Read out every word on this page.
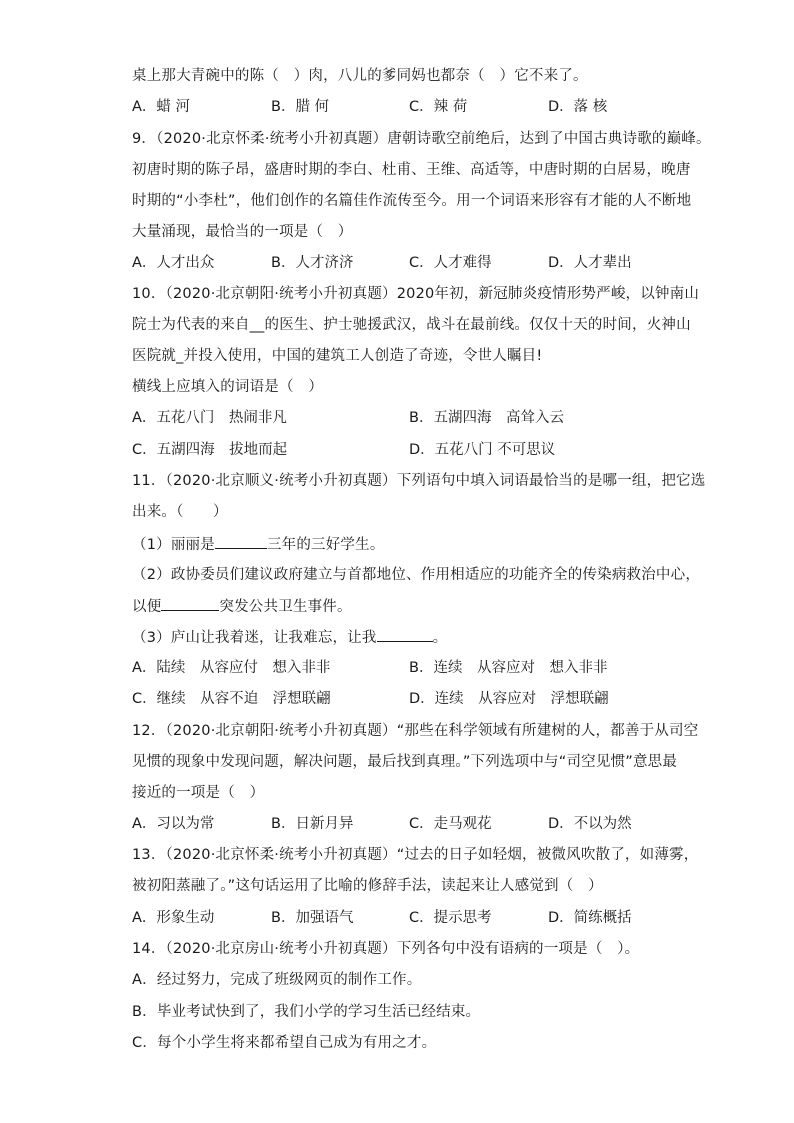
桌上那大青碗中的陈（　）肉，八儿的爹同妈也都奈（　）它不来了。
A．蜡 河	B．腊 何	C．辣 荷	D．落 核
9．（2020·北京怀柔·统考小升初真题）唐朝诗歌空前绝后，达到了中国古典诗歌的巅峰。
初唐时期的陈子昂，盛唐时期的李白、杜甫、王维、高适等，中唐时期的白居易，晚唐
时期的“小李杜”，他们创作的名篇佳作流传至今。用一个词语来形容有才能的人不断地
大量涌现，最恰当的一项是（　）
A．人才出众	B．人才济济	C．人才难得	D．人才辈出
10．（2020·北京朝阳·统考小升初真题）2020年初，新冠肺炎疫情形势严峻，以钟南山
院士为代表的来自__的医生、护士驰援武汉，战斗在最前线。仅仅十天的时间，火神山
医院就_并投入使用，中国的建筑工人创造了奇迹，令世人瞩目!
横线上应填入的词语是（　）
A．五花八门　热闹非凡	B．五湖四海　高耸入云
C．五湖四海　拔地而起	D．五花八门 不可思议
11．（2020·北京顺义·统考小升初真题）下列语句中填入词语最恰当的是哪一组，把它选
出来。（　　）
（1）丽丽是	三年的三好学生。
（2）政协委员们建议政府建立与首都地位、作用相适应的功能齐全的传染病救治中心，
以便	突发公共卫生事件。
（3）庐山让我着迷，让我难忘，让我	。
A．陆续　从容应付　想入非非	B．连续　从容应对　想入非非
C．继续　从容不迫　浮想联翩	D．连续　从容应对　浮想联翩
12．（2020·北京朝阳·统考小升初真题）“那些在科学领域有所建树的人，都善于从司空
见惯的现象中发现问题，解决问题，最后找到真理。”下列选项中与“司空见惯”意思最
接近的一项是（　）
A．习以为常	B．日新月异	C．走马观花	D．不以为然
13．（2020·北京怀柔·统考小升初真题）“过去的日子如轻烟，被微风吹散了，如薄雾，
被初阳蒸融了。”这句话运用了比喻的修辞手法，读起来让人感觉到（　）
A．形象生动	B．加强语气	C．提示思考	D．简练概括
14．（2020·北京房山·统考小升初真题）下列各句中没有语病的一项是（　）。
A．经过努力，完成了班级网页的制作工作。
B．毕业考试快到了，我们小学的学习生活已经结束。
C．每个小学生将来都希望自己成为有用之才。
